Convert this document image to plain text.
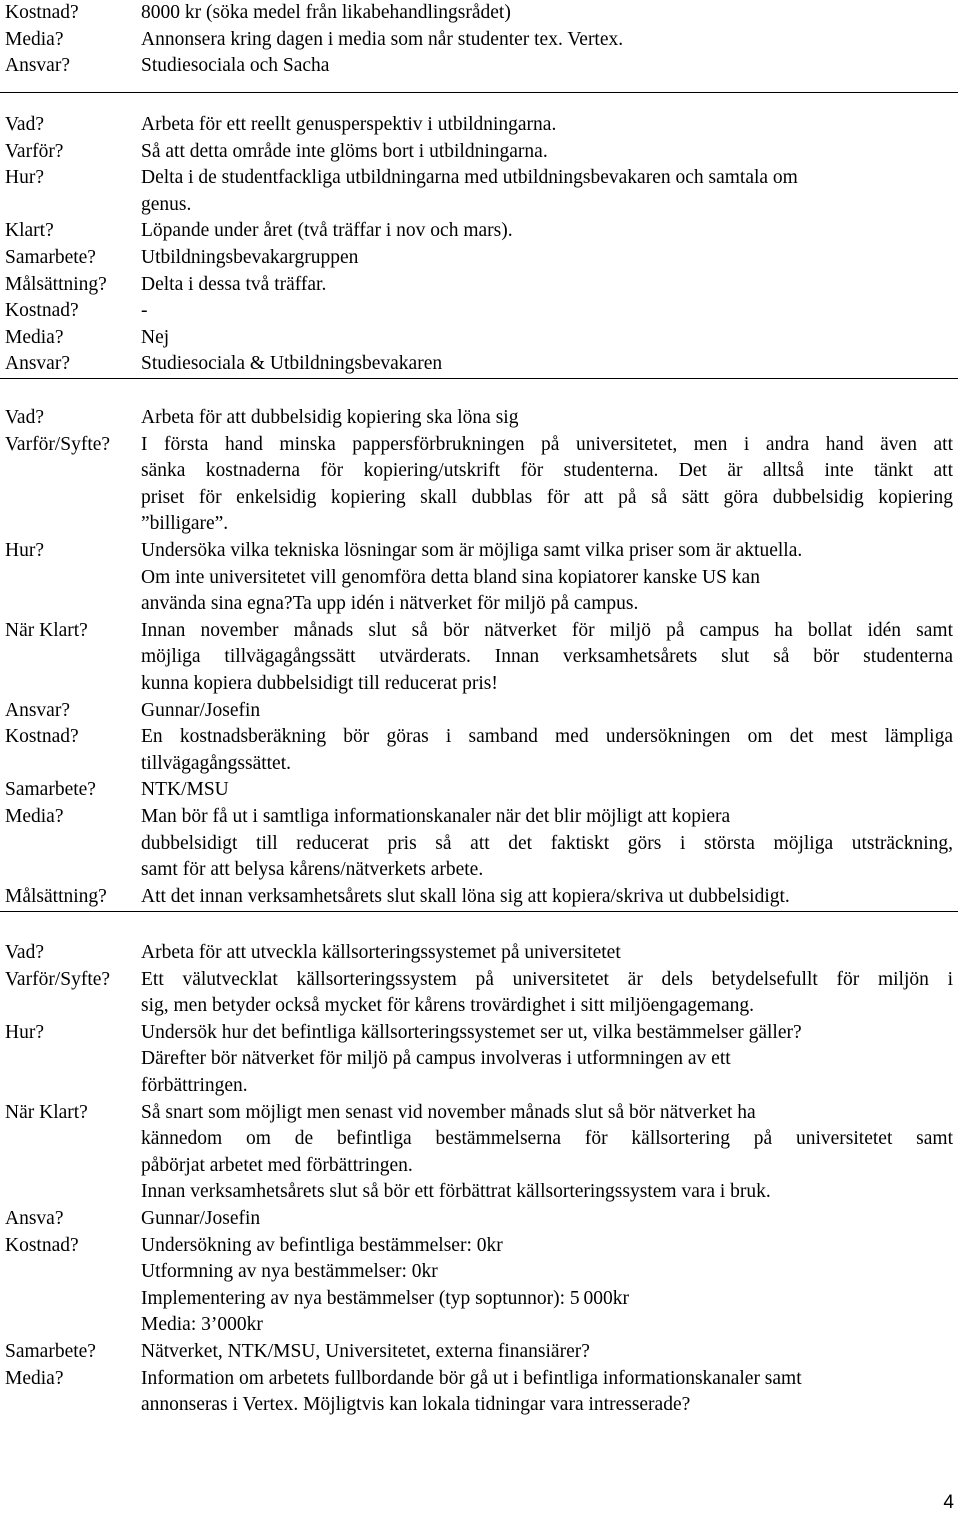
Kostnad?	8000 kr (söka medel från likabehandlingsrådet)
Media?	Annonsera kring dagen i media som når studenter tex. Vertex.
Ansvar?	Studiesociala och Sacha
Vad?	Arbeta för ett reellt genusperspektiv i utbildningarna.
Varför?	Så att detta område inte glöms bort i utbildningarna.
Hur?	Delta i de studentfackliga utbildningarna med utbildningsbevakaren och samtala om
genus.
Klart?	Löpande under året (två träffar i nov och mars).
Samarbete? Utbildningsbevakargruppen
Målsättning? Delta i dessa två träffar.
Kostnad?	-
Media?	Nej
Ansvar?	Studiesociala & Utbildningsbevakaren
Vad?	Arbeta för att dubbelsidig kopiering ska löna sig
Varför/Syfte? I första hand minska pappersförbrukningen på universitetet, men i andra hand även att
sänka kostnaderna för kopiering/utskrift för studenterna. Det är alltså inte tänkt att
priset för enkelsidig kopiering skall dubblas för att på så sätt göra dubbelsidig kopiering
”billigare”.
Hur?	Undersöka vilka tekniska lösningar som är möjliga samt vilka priser som är aktuella.
Om inte universitetet vill genomföra detta bland sina kopiatorer kanske US kan
använda sina egna?Ta upp idén i nätverket för miljö på campus.
När Klart?	Innan november månads slut så bör nätverket för miljö på campus ha bollat idén samt
möjliga tillvägagångssätt utvärderats. Innan verksamhetsårets slut så bör studenterna
kunna kopiera dubbelsidigt till reducerat pris!
Ansvar?	Gunnar/Josefin
Kostnad?	En kostnadsberäkning bör göras i samband med undersökningen om det mest lämpliga
tillvägagångssättet.
Samarbete? NTK/MSU
Media?	Man bör få ut i samtliga informationskanaler när det blir möjligt att kopiera
dubbelsidigt till reducerat pris så att det faktiskt görs i största möjliga utsträckning,
samt för att belysa kårens/nätverkets arbete.
Målsättning? Att det innan verksamhetsårets slut skall löna sig att kopiera/skriva ut dubbelsidigt.
Vad?	Arbeta för att utveckla källsorteringssystemet på universitetet
Varför/Syfte? Ett välutvecklat källsorteringssystem på universitetet är dels betydelsefullt för miljön i
sig, men betyder också mycket för kårens trovärdighet i sitt miljöengagemang.
Hur?	Undersök hur det befintliga källsorteringssystemet ser ut, vilka bestämmelser gäller?
Därefter bör nätverket för miljö på campus involveras i utformningen av ett
förbättringen.
När Klart?	Så snart som möjligt men senast vid november månads slut så bör nätverket ha
kännedom om de befintliga bestämmelserna för källsortering på universitetet samt
påbörjat arbetet med förbättringen.
Innan verksamhetsårets slut så bör ett förbättrat källsorteringssystem vara i bruk.
Ansva?	Gunnar/Josefin
Kostnad?	Undersökning av befintliga bestämmelser: 0kr
Utformning av nya bestämmelser: 0kr
Implementering av nya bestämmelser (typ soptunnor): 5 000kr
Media: 3’000kr
Samarbete? Nätverket, NTK/MSU, Universitetet, externa finansiärer?
Media?	Information om arbetets fullbordande bör gå ut i befintliga informationskanaler samt
annonseras i Vertex. Möjligtvis kan lokala tidningar vara intresserade?
4
